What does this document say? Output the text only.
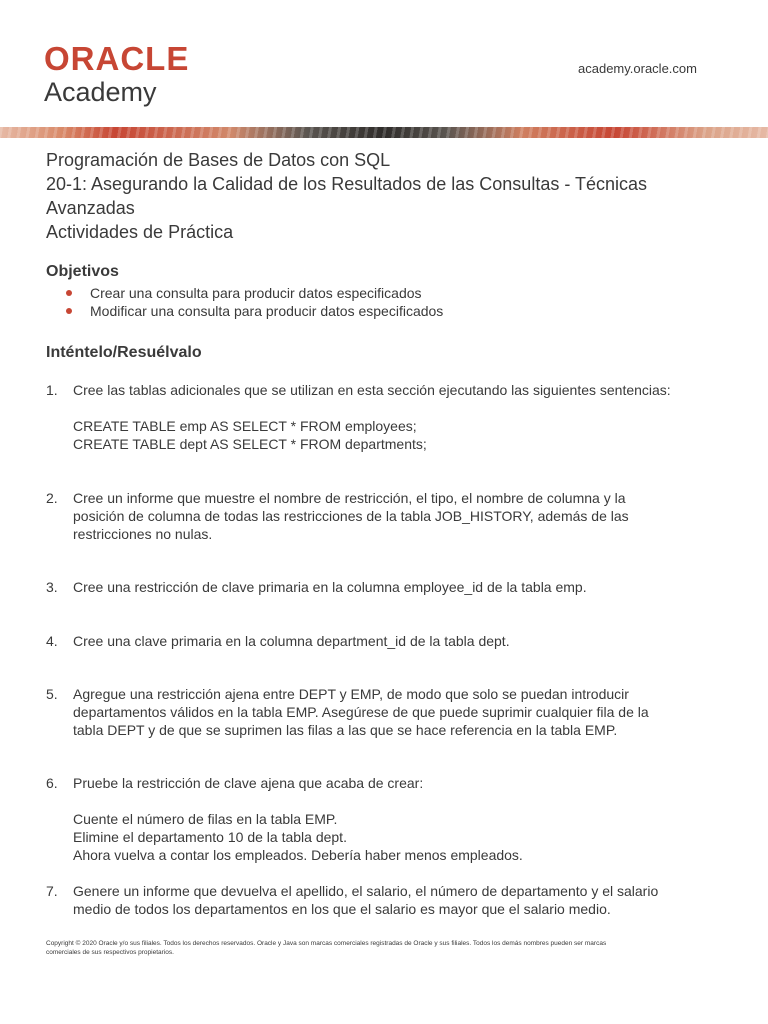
ORACLE
Academy
academy.oracle.com
Programación de Bases de Datos con SQL
20-1: Asegurando la Calidad de los Resultados de las Consultas - Técnicas
Avanzadas
Actividades de Práctica
Objetivos
Crear una consulta para producir datos especificados
Modificar una consulta para producir datos especificados
Inténtelo/Resuélvalo
1. Cree las tablas adicionales que se utilizan en esta sección ejecutando las siguientes sentencias:
CREATE TABLE emp AS SELECT * FROM employees;
CREATE TABLE dept AS SELECT * FROM departments;
2. Cree un informe que muestre el nombre de restricción, el tipo, el nombre de columna y la
posición de columna de todas las restricciones de la tabla JOB_HISTORY, además de las
restricciones no nulas.
3. Cree una restricción de clave primaria en la columna employee_id de la tabla emp.
4. Cree una clave primaria en la columna department_id de la tabla dept.
5. Agregue una restricción ajena entre DEPT y EMP, de modo que solo se puedan introducir
departamentos válidos en la tabla EMP. Asegúrese de que puede suprimir cualquier fila de la
tabla DEPT y de que se suprimen las filas a las que se hace referencia en la tabla EMP.
6. Pruebe la restricción de clave ajena que acaba de crear:
Cuente el número de filas en la tabla EMP.
Elimine el departamento 10 de la tabla dept.
Ahora vuelva a contar los empleados. Debería haber menos empleados.
7. Genere un informe que devuelva el apellido, el salario, el número de departamento y el salario
medio de todos los departamentos en los que el salario es mayor que el salario medio.
Copyright © 2020 Oracle y/o sus filiales. Todos los derechos reservados. Oracle y Java son marcas comerciales registradas de Oracle y sus filiales. Todos los demás nombres pueden ser marcas
comerciales de sus respectivos propietarios.
